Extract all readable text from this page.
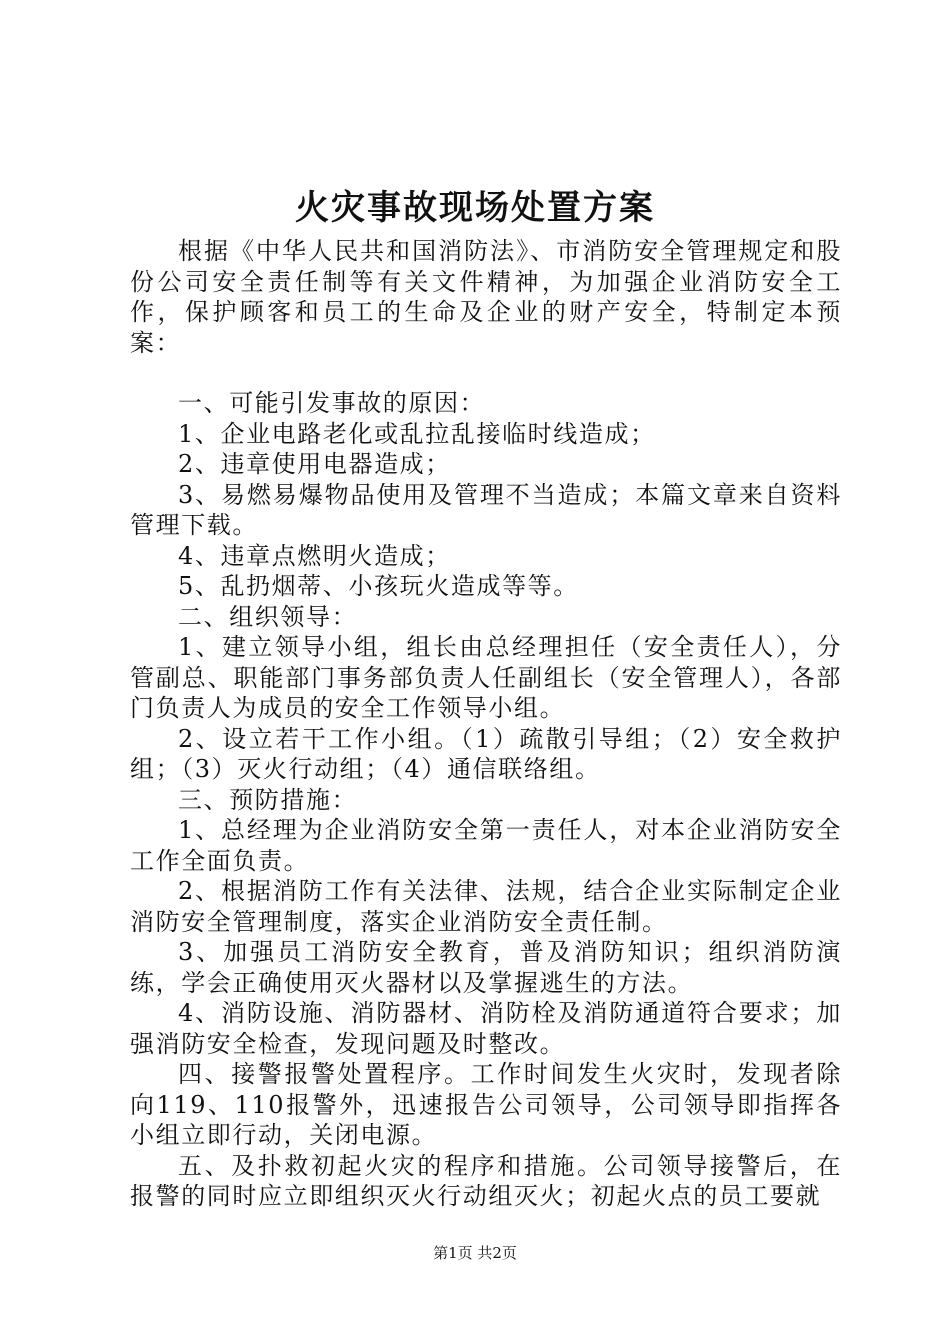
火灾事故现场处置方案

根据《中华人民共和国消防法》、市消防安全管理规定和股份公司安全责任制等有关文件精神，为加强企业消防安全工作，保护顾客和员工的生命及企业的财产安全，特制定本预案：

一、可能引发事故的原因：

1、企业电路老化或乱拉乱接临时线造成；

2、违章使用电器造成；

3、易燃易爆物品使用及管理不当造成；本篇文章来自资料管理下载。

4、违章点燃明火造成；

5、乱扔烟蒂、小孩玩火造成等等。

二、组织领导：

1、建立领导小组，组长由总经理担任（安全责任人），分管副总、职能部门事务部负责人任副组长（安全管理人），各部门负责人为成员的安全工作领导小组。

2、设立若干工作小组。（1）疏散引导组；（2）安全救护组；（3）灭火行动组；（4）通信联络组。

三、预防措施：

1、总经理为企业消防安全第一责任人，对本企业消防安全工作全面负责。

2、根据消防工作有关法律、法规，结合企业实际制定企业消防安全管理制度，落实企业消防安全责任制。

3、加强员工消防安全教育，普及消防知识；组织消防演练，学会正确使用灭火器材以及掌握逃生的方法。

4、消防设施、消防器材、消防栓及消防通道符合要求；加强消防安全检查，发现问题及时整改。

四、接警报警处置程序。工作时间发生火灾时，发现者除向119、110报警外，迅速报告公司领导，公司领导即指挥各小组立即行动，关闭电源。

五、及扑救初起火灾的程序和措施。公司领导接警后，在报警的同时应立即组织灭火行动组灭火；初起火点的员工要就

第1页 共2页
